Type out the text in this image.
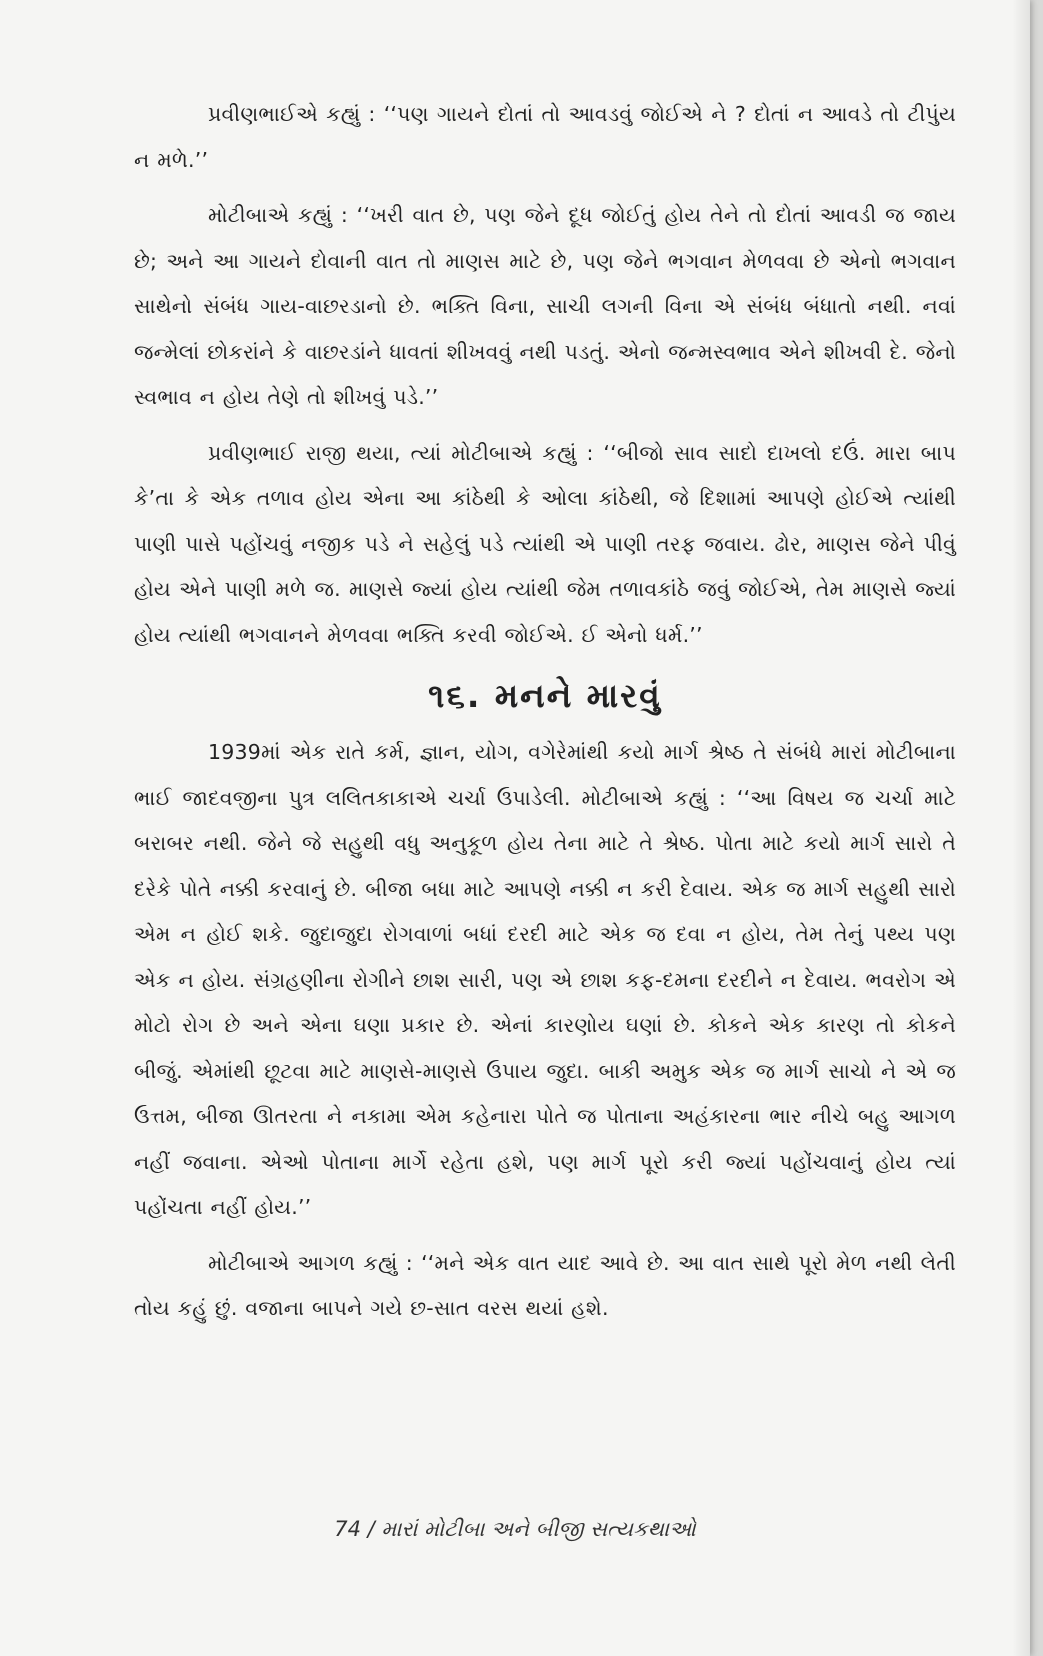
પ્રવીણભાઈએ કહ્યું : ‘‘પણ ગાયને દોતાં તો આવડવું જોઈએ ને ? દોતાં ન આવડે તો ટીપુંય ન મળે.’’

મોટીબાએ કહ્યું : ‘‘ખરી વાત છે, પણ જેને દૂધ જોઈતું હોય તેને તો દોતાં આવડી જ જાય છે; અને આ ગાયને દોવાની વાત તો માણસ માટે છે, પણ જેને ભગવાન મેળવવા છે એનો ભગવાન સાથેનો સંબંધ ગાય-વાછરડાનો છે. ભક્તિ વિના, સાચી લગની વિના એ સંબંધ બંધાતો નથી. નવાં જન્મેલાં છોકરાંને કે વાછરડાંને ધાવતાં શીખવવું નથી પડતું. એનો જન્મસ્વભાવ એને શીખવી દે. જેનો સ્વભાવ ન હોય તેણે તો શીખવું પડે.’’

પ્રવીણભાઈ રાજી થયા, ત્યાં મોટીબાએ કહ્યું : ‘‘બીજો સાવ સાદો દાખલો દઉં. મારા બાપ કે’તા કે એક તળાવ હોય એના આ કાંઠેથી કે ઓલા કાંઠેથી, જે દિશામાં આપણે હોઈએ ત્યાંથી પાણી પાસે પહોંચવું નજીક પડે ને સહેલું પડે ત્યાંથી એ પાણી તરફ જવાય. ઢોર, માણસ જેને પીવું હોય એને પાણી મળે જ. માણસે જ્યાં હોય ત્યાંથી જેમ તળાવકાંઠે જવું જોઈએ, તેમ માણસે જ્યાં હોય ત્યાંથી ભગવાનને મેળવવા ભક્તિ કરવી જોઈએ. ઈ એનો ધર્મ.’’

૧૬. મનને મારવું

1939માં એક રાતે કર્મ, જ્ઞાન, યોગ, વગેરેમાંથી કયો માર્ગ શ્રેષ્ઠ તે સંબંધે મારાં મોટીબાના ભાઈ જાદવજીના પુત્ર લલિતકાકાએ ચર્ચા ઉપાડેલી. મોટીબાએ કહ્યું : ‘‘આ વિષય જ ચર્ચા માટે બરાબર નથી. જેને જે સહુથી વધુ અનુકૂળ હોય તેના માટે તે શ્રેષ્ઠ. પોતા માટે કયો માર્ગ સારો તે દરેકે પોતે નક્કી કરવાનું છે. બીજા બધા માટે આપણે નક્કી ન કરી દેવાય. એક જ માર્ગ સહુથી સારો એમ ન હોઈ શકે. જુદાજુદા રોગવાળાં બધાં દરદી માટે એક જ દવા ન હોય, તેમ તેનું પથ્ય પણ એક ન હોય. સંગ્રહણીના રોગીને છાશ સારી, પણ એ છાશ કફ-દમના દરદીને ન દેવાય. ભવરોગ એ મોટો રોગ છે અને એના ઘણા પ્રકાર છે. એનાં કારણોય ઘણાં છે. કોકને એક કારણ તો કોકને બીજું. એમાંથી છૂટવા માટે માણસે-માણસે ઉપાય જુદા. બાકી અમુક એક જ માર્ગ સાચો ને એ જ ઉત્તમ, બીજા ઊતરતા ને નકામા એમ કહેનારા પોતે જ પોતાના અહંકારના ભાર નીચે બહુ આગળ નહીં જવાના. એઓ પોતાના માર્ગે રહેતા હશે, પણ માર્ગ પૂરો કરી જ્યાં પહોંચવાનું હોય ત્યાં પહોંચતા નહીં હોય.’’

મોટીબાએ આગળ કહ્યું : ‘‘મને એક વાત યાદ આવે છે. આ વાત સાથે પૂરો મેળ નથી લેતી તોય કહું છું. વજાના બાપને ગયે છ-સાત વરસ થયાં હશે.

74 / મારાં મોટીબા અને બીજી સત્યકથાઓ
